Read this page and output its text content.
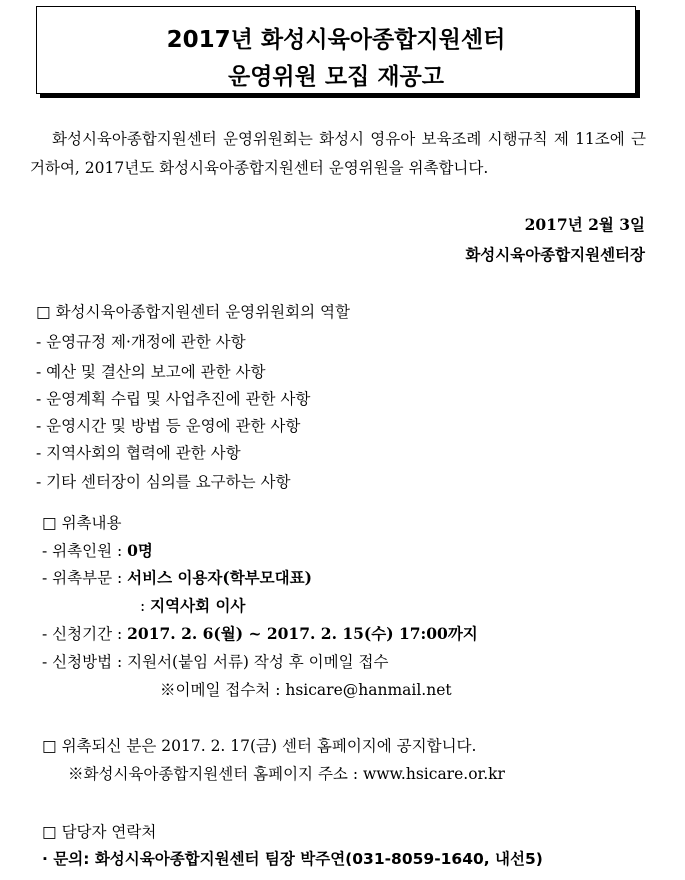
2017년 화성시육아종합지원센터
운영위원 모집 재공고
화성시육아종합지원센터 운영위원회는 화성시 영유아 보육조례 시행규칙 제 11조에 근거하여, 2017년도 화성시육아종합지원센터 운영위원을 위촉합니다.
2017년 2월 3일
화성시육아종합지원센터장
□ 화성시육아종합지원센터 운영위원회의 역할
- 운영규정 제·개정에 관한 사항
- 예산 및 결산의 보고에 관한 사항
- 운영계획 수립 및 사업추진에 관한 사항
- 운영시간 및 방법 등 운영에 관한 사항
- 지역사회의 협력에 관한 사항
- 기타 센터장이 심의를 요구하는 사항
□ 위촉내용
- 위촉인원 : 0명
- 위촉부문 : 서비스 이용자(학부모대표)
: 지역사회 이사
- 신청기간 : 2017. 2. 6(월) ~ 2017. 2. 15(수) 17:00까지
- 신청방법 : 지원서(붙임 서류) 작성 후 이메일 접수
※이메일 접수처 : hsicare@hanmail.net
□ 위촉되신 분은 2017. 2. 17(금) 센터 홈페이지에 공지합니다.
※화성시육아종합지원센터 홈페이지 주소 : www.hsicare.or.kr
□ 담당자 연락처
· 문의: 화성시육아종합지원센터 팀장 박주연(031-8059-1640, 내선5)
